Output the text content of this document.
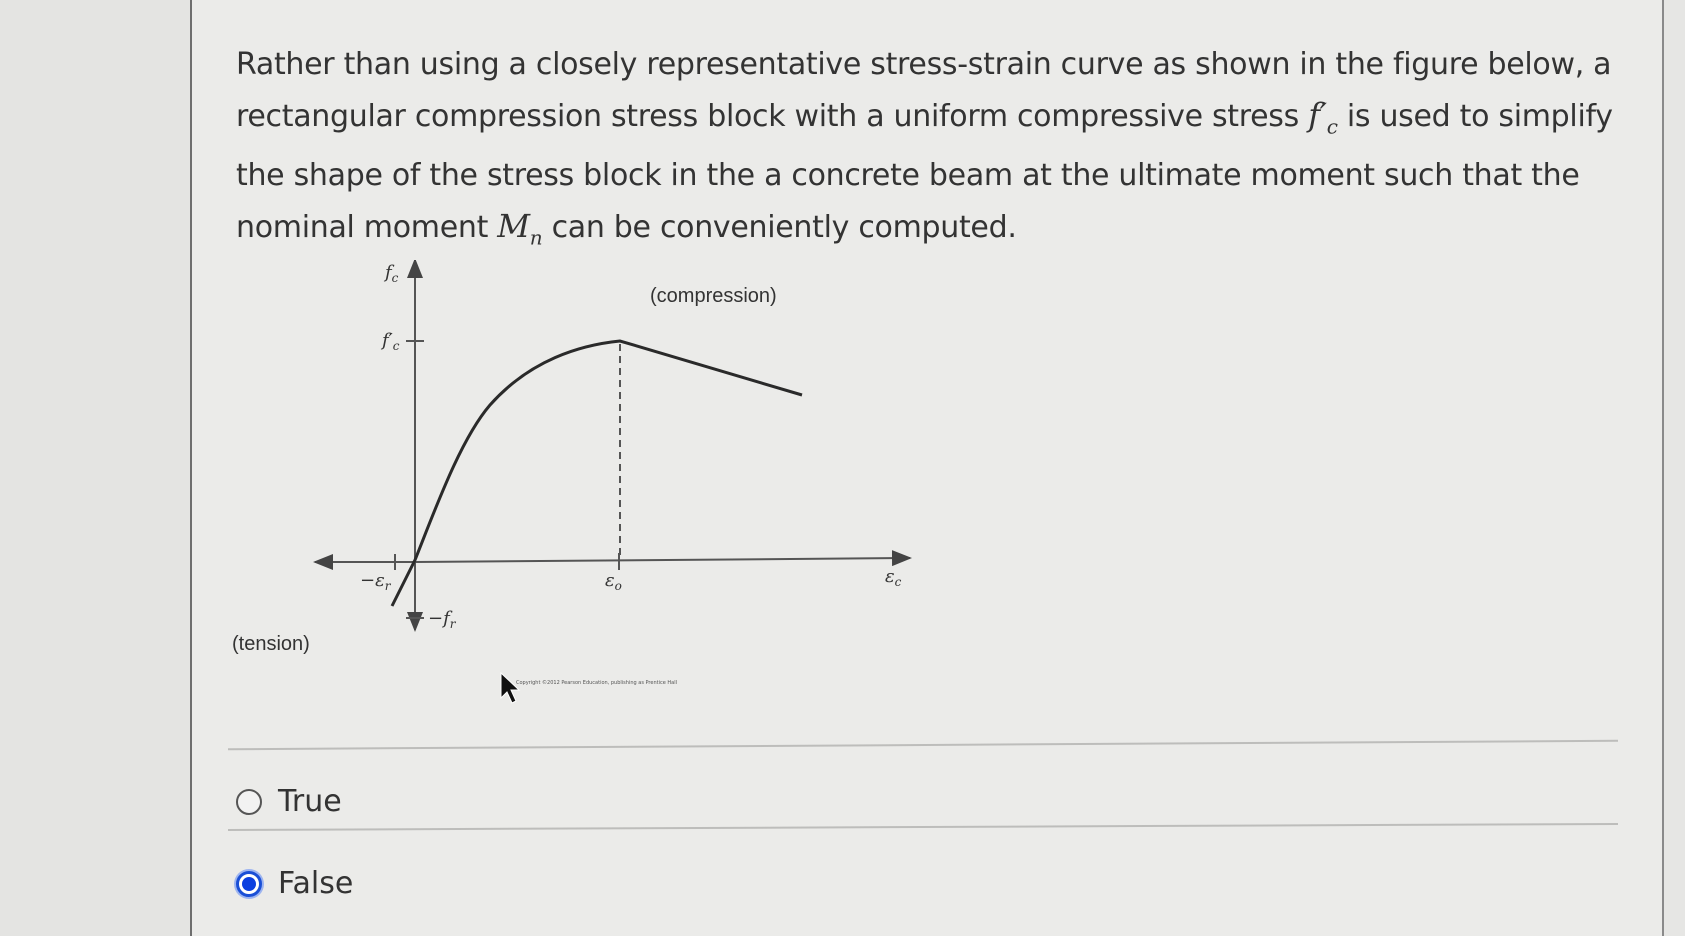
Rather than using a closely representative stress-strain curve as shown in the figure below, a rectangular compression stress block with a uniform compressive stress $f'_c$ is used to simplify the shape of the stress block in the a concrete beam at the ultimate moment such that the nominal moment $M_n$ can be conveniently computed.
$f_c$
$f'_c$
(compression)
$-\varepsilon_r$	$\varepsilon_o$	$\varepsilon_c$
$-f_r$
(tension)
Copyright ©2012 Pearson Education, publishing as Prentice Hall
True
False
